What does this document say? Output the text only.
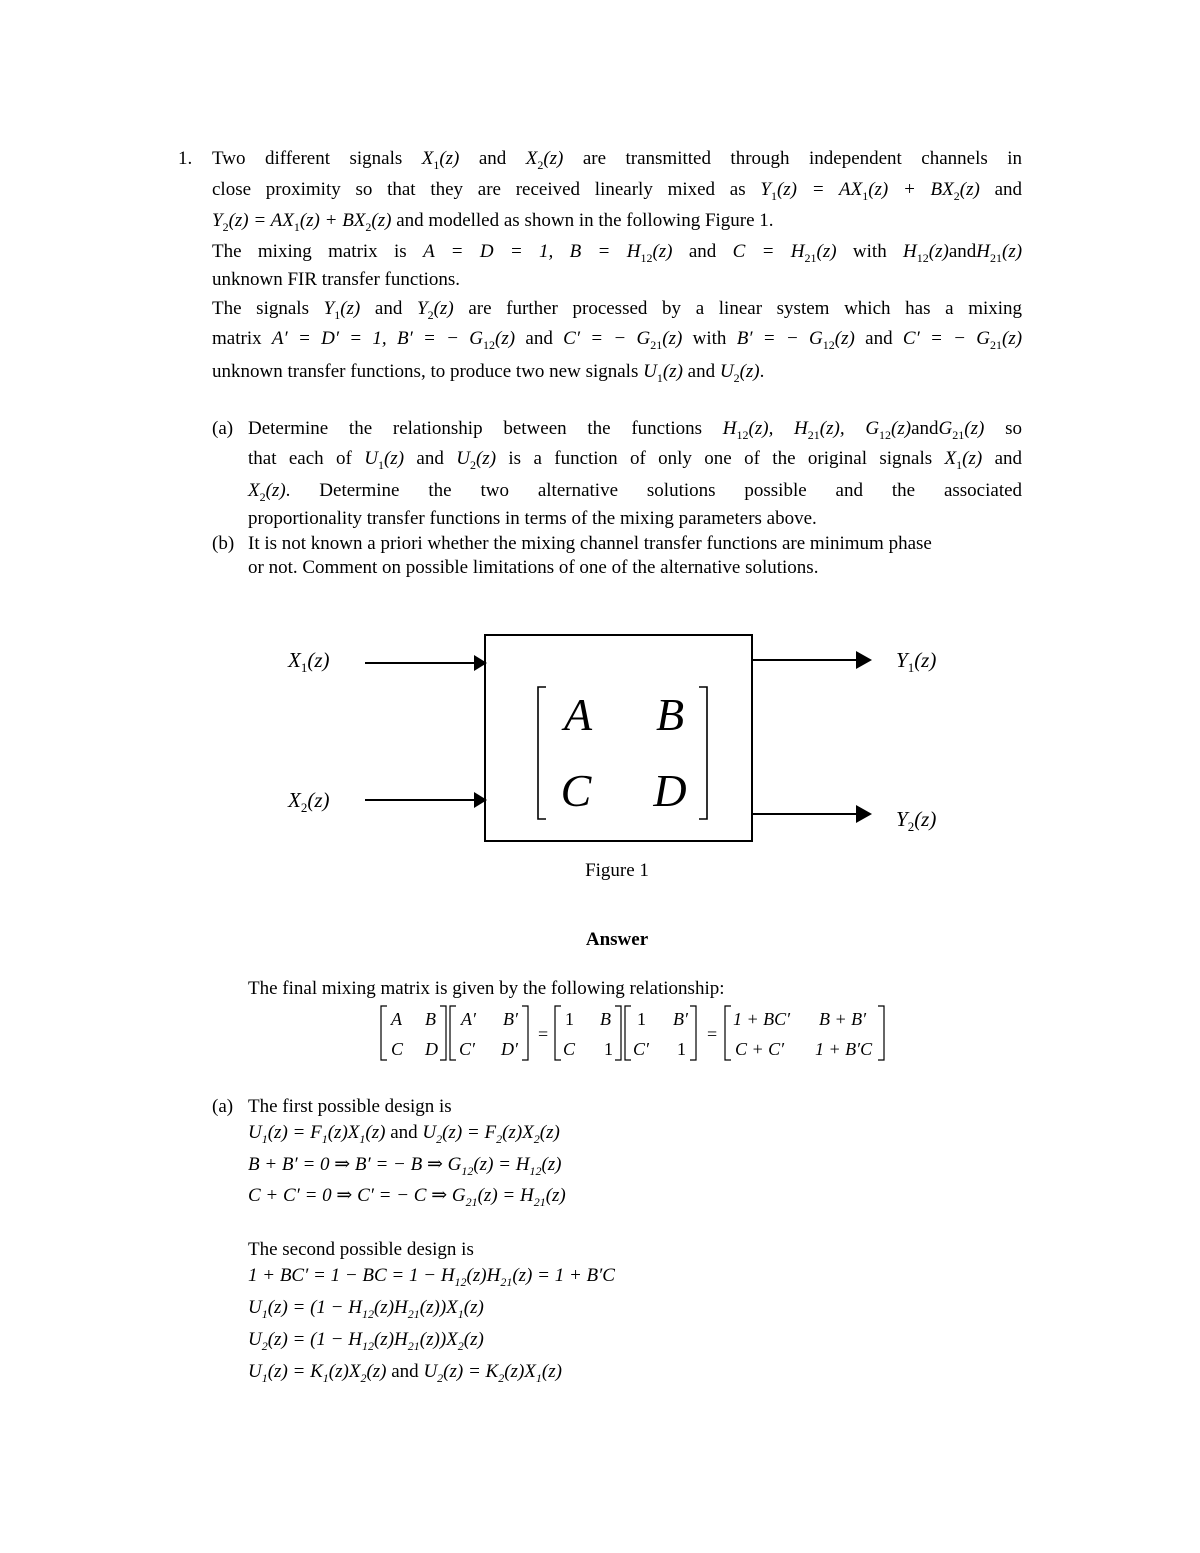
1. Two different signals $X_1(z)$ and $X_2(z)$ are transmitted through independent channels in
close proximity so that they are received linearly mixed as $Y_1(z) = AX_1(z) + BX_2(z)$ and
$Y_2(z) = AX_1(z) + BX_2(z)$ and modelled as shown in the following Figure 1.
The mixing matrix is A = D = 1, $B = H_{12}(z)$ and $C = H_{21}(z)$ with $H_{12}(z)andH_{21}(z)$
unknown FIR transfer functions.
The signals $Y_1(z)$ and $Y_2(z)$ are further processed by a linear system which has a mixing
matrix A′ = D′ = 1, B′ = − $G_{12}(z)$ and C′ = − $G_{21}(z)$ with B′ = − $G_{12}(z)$ and C′ = − $G_{21}(z)$
unknown transfer functions, to produce two new signals $U_1(z)$ and $U_2(z)$.
(a) Determine the relationship between the functions $H_{12}(z)$, $H_{21}(z)$, $G_{12}(z)andG_{21}(z)$ so
that each of $U_1(z)$ and $U_2(z)$ is a function of only one of the original signals $X_1(z)$ and
$X_2(z)$. Determine the two alternative solutions possible and the associated
proportionality transfer functions in terms of the mixing parameters above.
(b) It is not known a priori whether the mixing channel transfer functions are minimum phase
or not. Comment on possible limitations of one of the alternative solutions.
A B
C D
$X_1(z)$
$X_2(z)$
$Y_1(z)$
$Y_2(z)$
Figure 1
Answer
The final mixing matrix is given by the following relationship:
A B
C D
A′ B′
C′ D′
=
1 B
C 1
1 B′
C′ 1
=
1 + BC′ B + B′
C + C′ 1 + B′C
(a) The first possible design is
$U_1(z) = F_1(z)X_1(z)$ and $U_2(z) = F_2(z)X_2(z)$
B + B′ = 0 ⇒ B′ = − B ⇒ $G_{12}(z) = H_{12}(z)$
C + C′ = 0 ⇒ C′ = − C ⇒ $G_{21}(z) = H_{21}(z)$
The second possible design is
1 + BC′ = 1 − BC = $1 - H_{12}(z)H_{21}(z) = 1 + B'C$
$U_1(z) = (1 - H_{12}(z)H_{21}(z))X_1(z)$
$U_2(z) = (1 - H_{12}(z)H_{21}(z))X_2(z)$
$U_1(z) = K_1(z)X_2(z)$ and $U_2(z) = K_2(z)X_1(z)$
